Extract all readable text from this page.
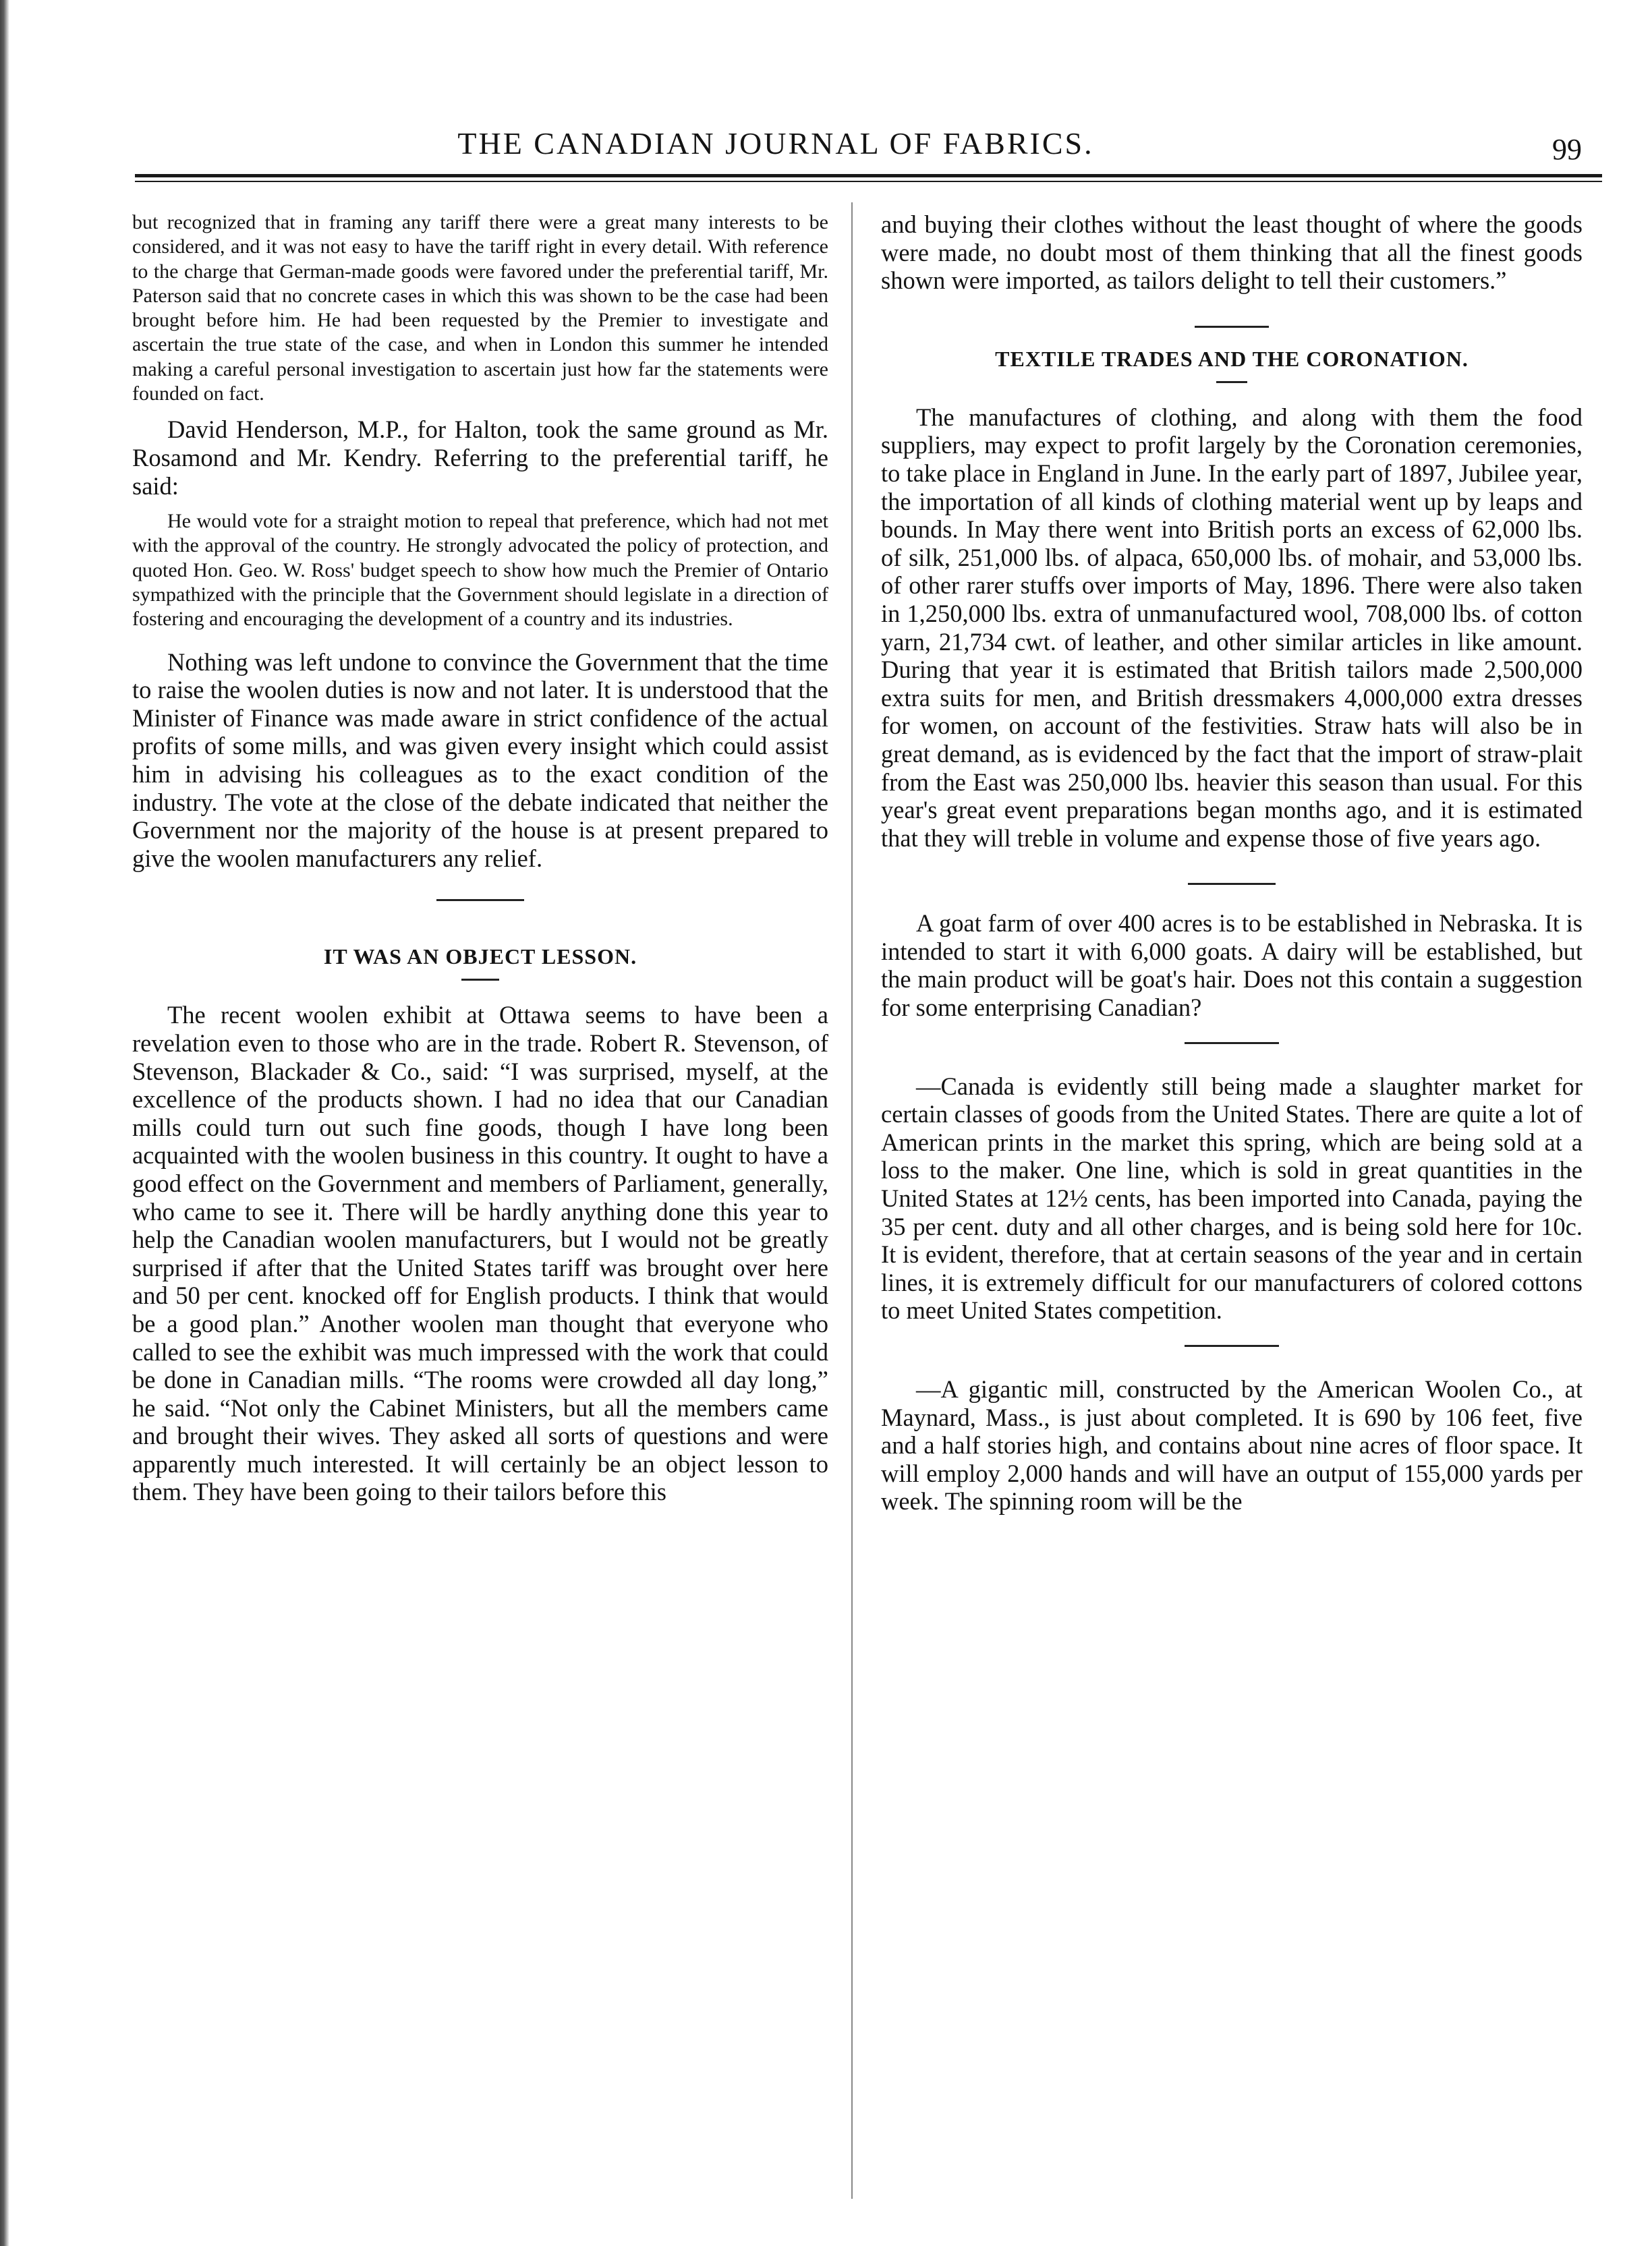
THE CANADIAN JOURNAL OF FABRICS.	99

but recognized that in framing any tariff there were a great many interests to be considered, and it was not easy to have the tariff right in every detail. With reference to the charge that German-made goods were favored under the preferential tariff, Mr. Paterson said that no concrete cases in which this was shown to be the case had been brought before him. He had been requested by the Premier to investigate and ascertain the true state of the case, and when in London this summer he intended making a careful personal investigation to ascertain just how far the statements were founded on fact.

David Henderson, M.P., for Halton, took the same ground as Mr. Rosamond and Mr. Kendry. Referring to the preferential tariff, he said:

He would vote for a straight motion to repeal that preference, which had not met with the approval of the country. He strongly advocated the policy of protection, and quoted Hon. Geo. W. Ross' budget speech to show how much the Premier of Ontario sympathized with the principle that the Government should legislate in a direction of fostering and encouraging the development of a country and its industries.

Nothing was left undone to convince the Government that the time to raise the woolen duties is now and not later. It is understood that the Minister of Finance was made aware in strict confidence of the actual profits of some mills, and was given every insight which could assist him in advising his colleagues as to the exact condition of the industry. The vote at the close of the debate indicated that neither the Government nor the majority of the house is at present prepared to give the woolen manufacturers any relief.

IT WAS AN OBJECT LESSON.

The recent woolen exhibit at Ottawa seems to have been a revelation even to those who are in the trade. Robert R. Stevenson, of Stevenson, Blackader & Co., said: “I was surprised, myself, at the excellence of the products shown. I had no idea that our Canadian mills could turn out such fine goods, though I have long been acquainted with the woolen business in this country. It ought to have a good effect on the Government and members of Parliament, generally, who came to see it. There will be hardly anything done this year to help the Canadian woolen manufacturers, but I would not be greatly surprised if after that the United States tariff was brought over here and 50 per cent. knocked off for English products. I think that would be a good plan.” Another woolen man thought that everyone who called to see the exhibit was much impressed with the work that could be done in Canadian mills. “The rooms were crowded all day long,” he said. “Not only the Cabinet Ministers, but all the members came and brought their wives. They asked all sorts of questions and were apparently much interested. It will certainly be an object lesson to them. They have been going to their tailors before this

and buying their clothes without the least thought of where the goods were made, no doubt most of them thinking that all the finest goods shown were imported, as tailors delight to tell their customers.”

TEXTILE TRADES AND THE CORONATION.

The manufactures of clothing, and along with them the food suppliers, may expect to profit largely by the Coronation ceremonies, to take place in England in June. In the early part of 1897, Jubilee year, the importation of all kinds of clothing material went up by leaps and bounds. In May there went into British ports an excess of 62,000 lbs. of silk, 251,000 lbs. of alpaca, 650,000 lbs. of mohair, and 53,000 lbs. of other rarer stuffs over imports of May, 1896. There were also taken in 1,250,000 lbs. extra of unmanufactured wool, 708,000 lbs. of cotton yarn, 21,734 cwt. of leather, and other similar articles in like amount. During that year it is estimated that British tailors made 2,500,000 extra suits for men, and British dressmakers 4,000,000 extra dresses for women, on account of the festivities. Straw hats will also be in great demand, as is evidenced by the fact that the import of straw-plait from the East was 250,000 lbs. heavier this season than usual. For this year's great event preparations began months ago, and it is estimated that they will treble in volume and expense those of five years ago.

A goat farm of over 400 acres is to be established in Nebraska. It is intended to start it with 6,000 goats. A dairy will be established, but the main product will be goat's hair. Does not this contain a suggestion for some enterprising Canadian?

—Canada is evidently still being made a slaughter market for certain classes of goods from the United States. There are quite a lot of American prints in the market this spring, which are being sold at a loss to the maker. One line, which is sold in great quantities in the United States at 12½ cents, has been imported into Canada, paying the 35 per cent. duty and all other charges, and is being sold here for 10c. It is evident, therefore, that at certain seasons of the year and in certain lines, it is extremely difficult for our manufacturers of colored cottons to meet United States competition.

—A gigantic mill, constructed by the American Woolen Co., at Maynard, Mass., is just about completed. It is 690 by 106 feet, five and a half stories high, and contains about nine acres of floor space. It will employ 2,000 hands and will have an output of 155,000 yards per week. The spinning room will be the
